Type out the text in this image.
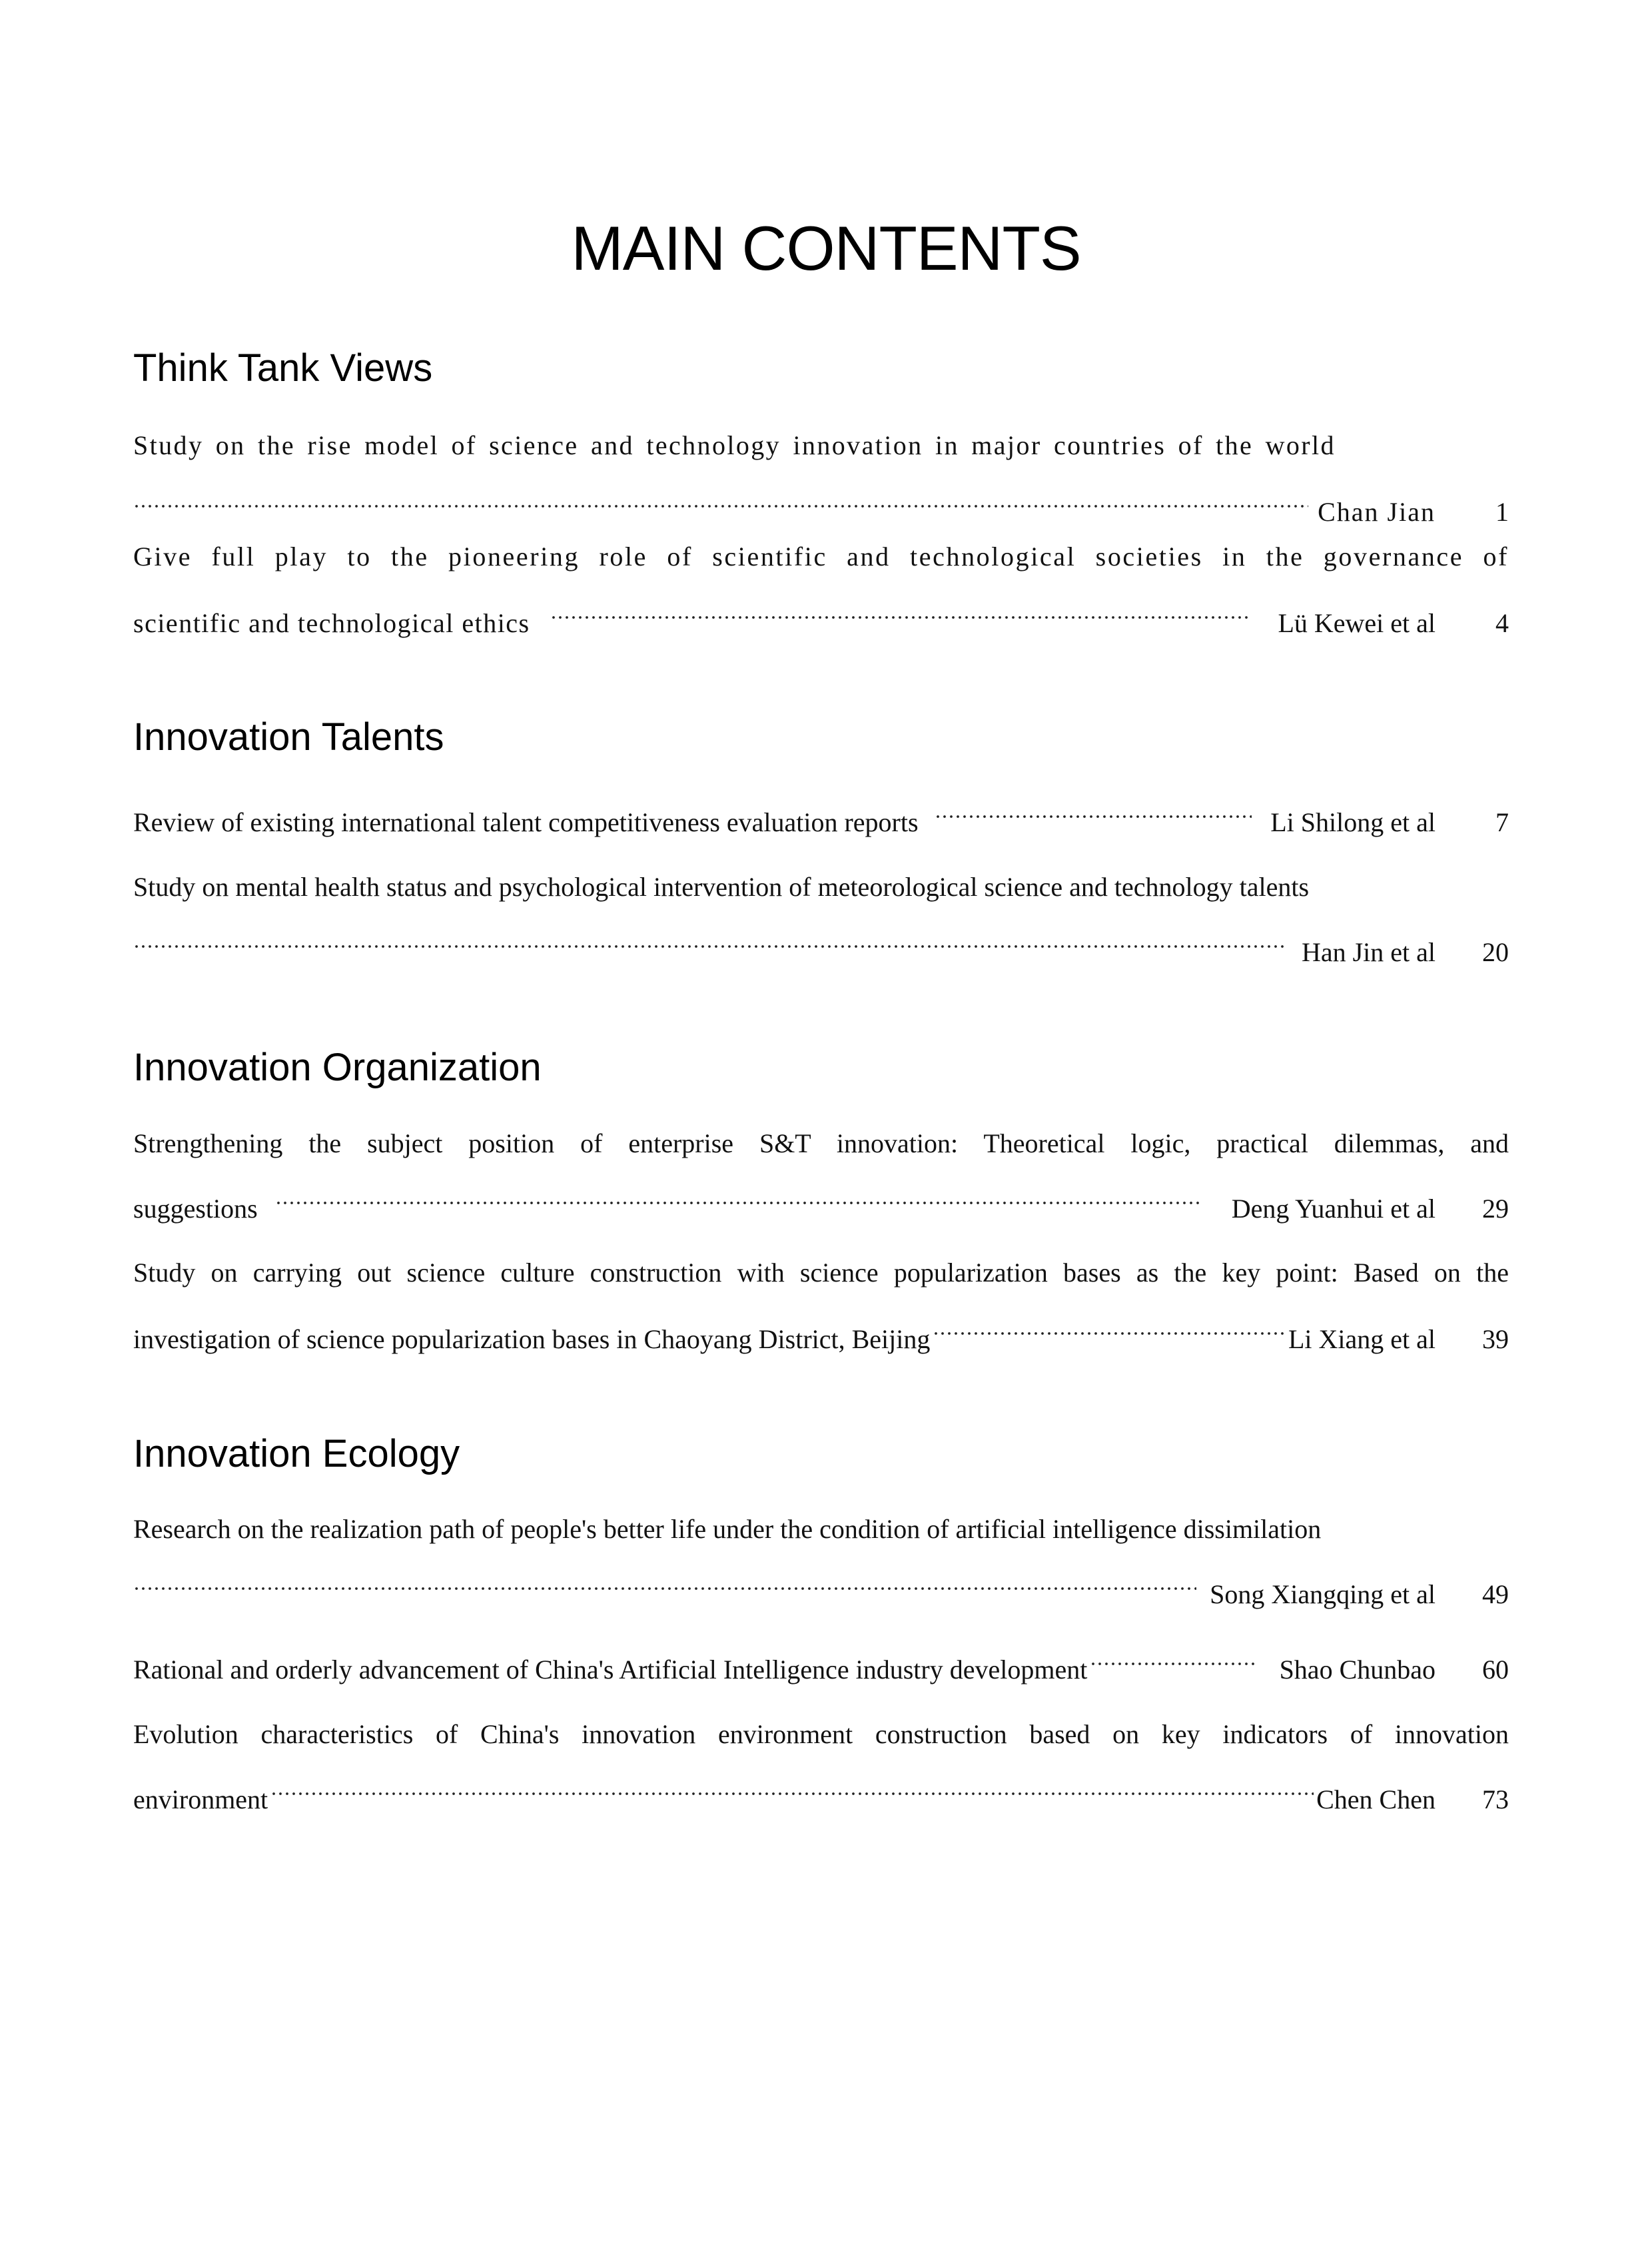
MAIN CONTENTS
Think Tank Views
Study on the rise model of science and technology innovation in major countries of the world
Chan Jian	1
Give full play to the pioneering role of scientific and technological societies in the governance of
scientific and technological ethics	Lü Kewei et al	4
Innovation Talents
Review of existing international talent competitiveness evaluation reports	Li Shilong et al	7
Study on mental health status and psychological intervention of meteorological science and technology talents
Han Jin et al	20
Innovation Organization
Strengthening the subject position of enterprise S&T innovation: Theoretical logic, practical dilemmas, and
suggestions	Deng Yuanhui et al	29
Study on carrying out science culture construction with science popularization bases as the key point: Based on the
investigation of science popularization bases in Chaoyang District, Beijing	Li Xiang et al	39
Innovation Ecology
Research on the realization path of people's better life under the condition of artificial intelligence dissimilation
Song Xiangqing et al	49
Rational and orderly advancement of China's Artificial Intelligence industry development	Shao Chunbao	60
Evolution characteristics of China's innovation environment construction based on key indicators of innovation
environment	Chen Chen	73
